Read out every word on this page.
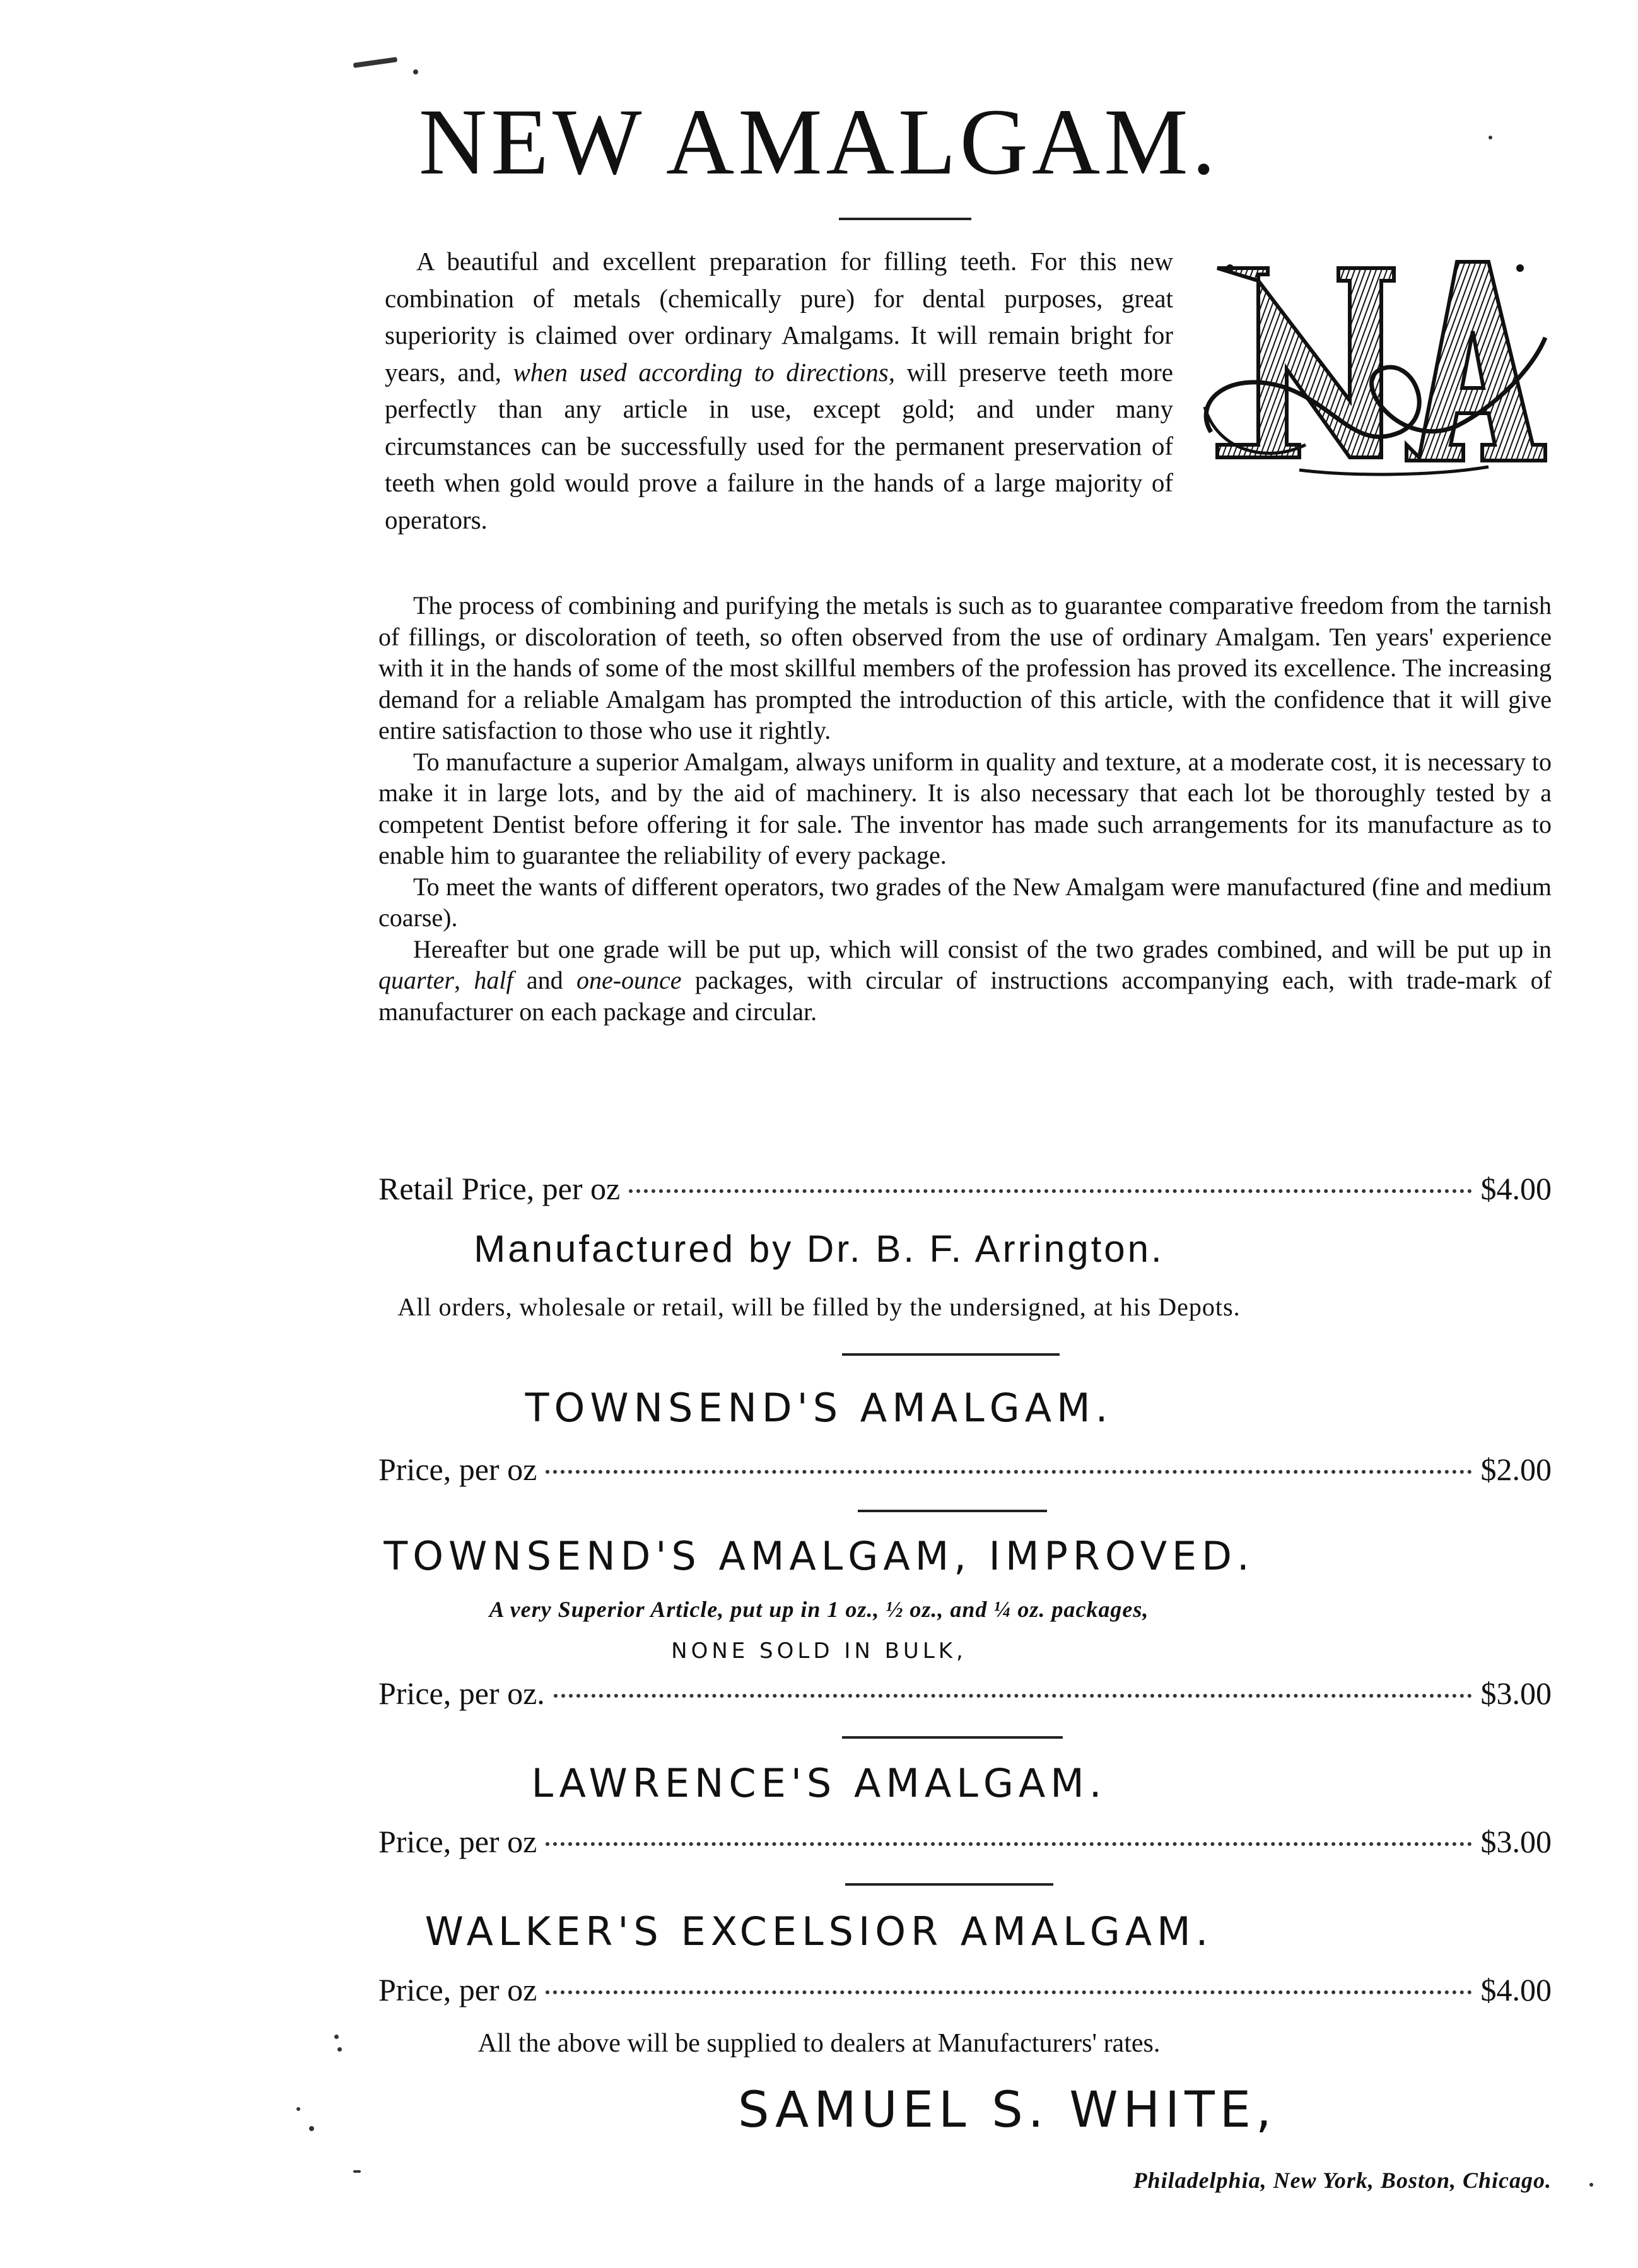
NEW AMALGAM.

A beautiful and excellent preparation for filling teeth. For this new combination of metals (chemically pure) for dental purposes, great superiority is claimed over ordinary Amalgams. It will remain bright for years, and, when used according to directions, will preserve teeth more perfectly than any article in use, except gold; and under many circumstances can be successfully used for the permanent preservation of teeth when gold would prove a failure in the hands of a large majority of operators.

The process of combining and purifying the metals is such as to guarantee comparative freedom from the tarnish of fillings, or discoloration of teeth, so often observed from the use of ordinary Amalgam. Ten years' experience with it in the hands of some of the most skillful members of the profession has proved its excellence. The increasing demand for a reliable Amalgam has prompted the introduction of this article, with the confidence that it will give entire satisfaction to those who use it rightly.

To manufacture a superior Amalgam, always uniform in quality and texture, at a moderate cost, it is necessary to make it in large lots, and by the aid of machinery. It is also necessary that each lot be thoroughly tested by a competent Dentist before offering it for sale. The inventor has made such arrangements for its manufacture as to enable him to guarantee the reliability of every package.

To meet the wants of different operators, two grades of the New Amalgam were manufactured (fine and medium coarse).

Hereafter but one grade will be put up, which will consist of the two grades combined, and will be put up in quarter, half and one-ounce packages, with circular of instructions accompanying each, with trade-mark of manufacturer on each package and circular.

Retail Price, per oz	$4.00
Manufactured by Dr. B. F. Arrington.
All orders, wholesale or retail, will be filled by the undersigned, at his Depots.
TOWNSEND'S AMALGAM.
Price, per oz	$2.00
TOWNSEND'S AMALGAM, IMPROVED.
A very Superior Article, put up in 1 oz., ½ oz., and ¼ oz. packages,
NONE SOLD IN BULK,
Price, per oz.	$3.00
LAWRENCE'S AMALGAM.
Price, per oz	$3.00
WALKER'S EXCELSIOR AMALGAM.
Price, per oz	$4.00
All the above will be supplied to dealers at Manufacturers' rates.
SAMUEL S. WHITE,
Philadelphia, New York, Boston, Chicago.
